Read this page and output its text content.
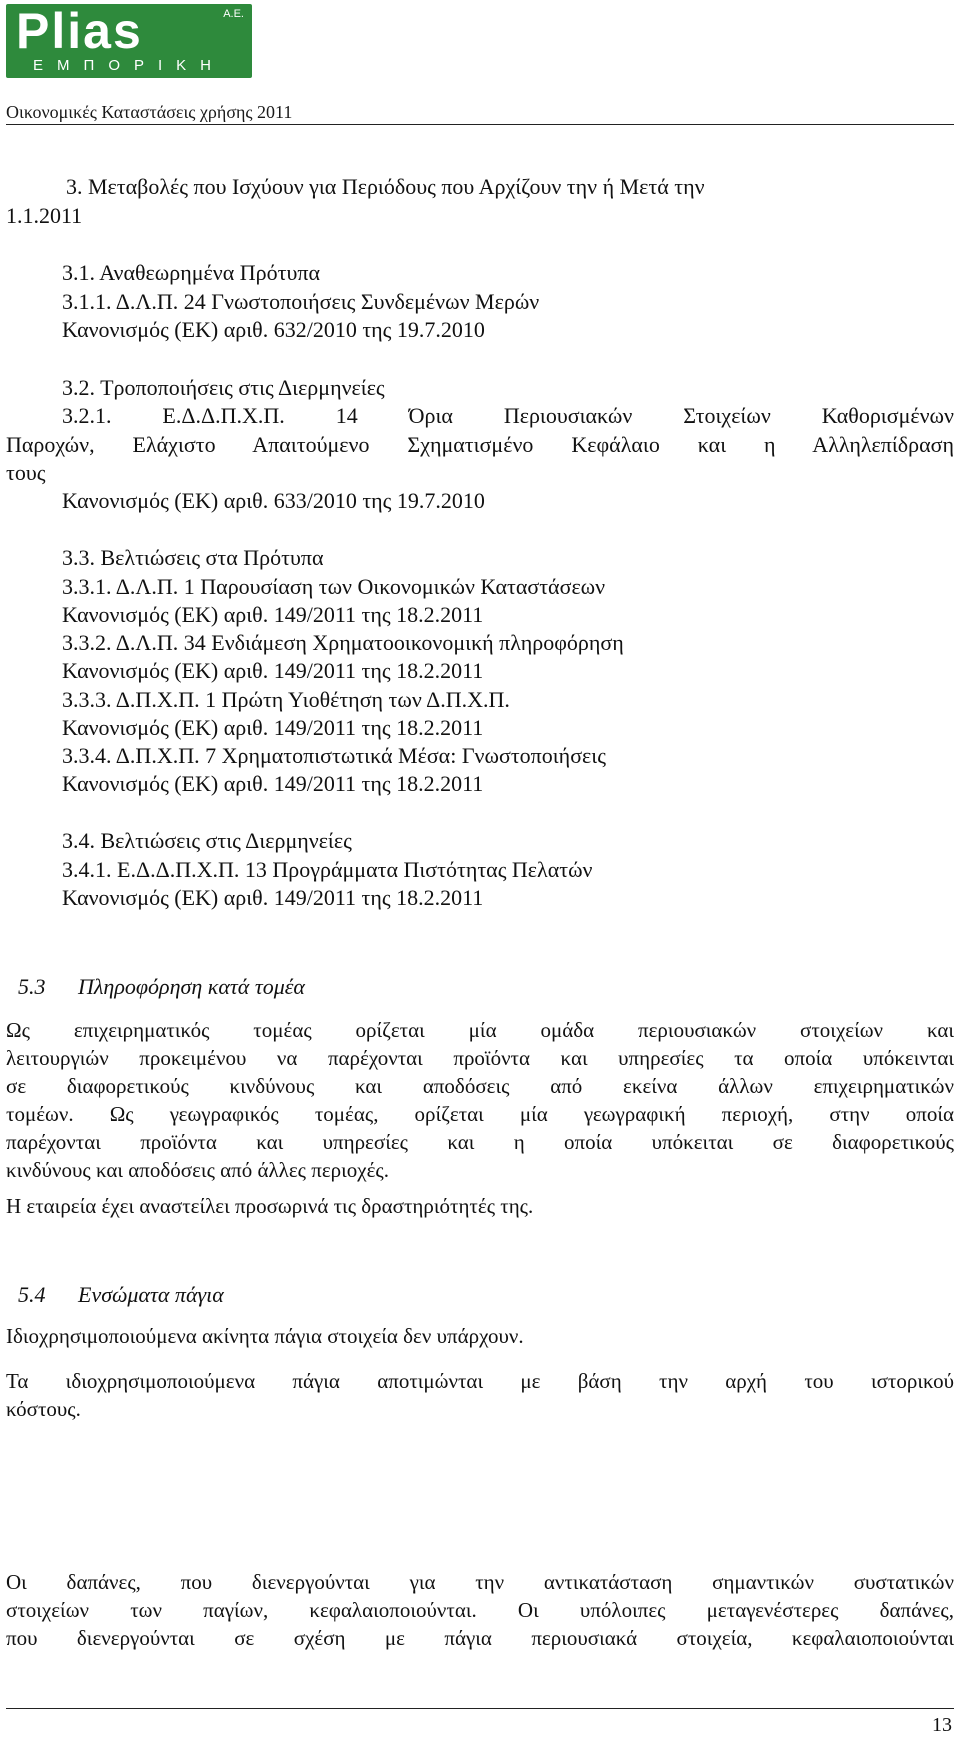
Plias	A.E.
ΕΜΠΟΡΙΚΗ
Οικονομικές Καταστάσεις χρήσης 2011
3. Μεταβολές που Ισχύουν για Περιόδους που Αρχίζουν την ή Μετά την
1.1.2011
3.1. Αναθεωρημένα Πρότυπα
3.1.1. Δ.Λ.Π. 24 Γνωστοποιήσεις Συνδεμένων Μερών
Κανονισμός (ΕΚ) αριθ. 632/2010 της 19.7.2010
3.2. Τροποποιήσεις στις Διερμηνείες
3.2.1. Ε.Δ.Δ.Π.Χ.Π. 14 Όρια Περιουσιακών Στοιχείων Καθορισμένων
Παροχών, Ελάχιστο Απαιτούμενο Σχηματισμένο Κεφάλαιο και η Αλληλεπίδραση
τους
Κανονισμός (ΕΚ) αριθ. 633/2010 της 19.7.2010
3.3. Βελτιώσεις στα Πρότυπα
3.3.1. Δ.Λ.Π. 1 Παρουσίαση των Οικονομικών Καταστάσεων
Κανονισμός (ΕΚ) αριθ. 149/2011 της 18.2.2011
3.3.2. Δ.Λ.Π. 34 Ενδιάμεση Χρηματοοικονομική πληροφόρηση
Κανονισμός (ΕΚ) αριθ. 149/2011 της 18.2.2011
3.3.3. Δ.Π.Χ.Π. 1 Πρώτη Υιοθέτηση των Δ.Π.Χ.Π.
Κανονισμός (ΕΚ) αριθ. 149/2011 της 18.2.2011
3.3.4. Δ.Π.Χ.Π. 7 Χρηματοπιστωτικά Μέσα: Γνωστοποιήσεις
Κανονισμός (ΕΚ) αριθ. 149/2011 της 18.2.2011
3.4. Βελτιώσεις στις Διερμηνείες
3.4.1. Ε.Δ.Δ.Π.Χ.Π. 13 Προγράμματα Πιστότητας Πελατών
Κανονισμός (ΕΚ) αριθ. 149/2011 της 18.2.2011
5.3 Πληροφόρηση κατά τομέα
Ως επιχειρηματικός τομέας ορίζεται μία ομάδα περιουσιακών στοιχείων και
λειτουργιών προκειμένου να παρέχονται προϊόντα και υπηρεσίες τα οποία υπόκεινται
σε διαφορετικούς κινδύνους και αποδόσεις από εκείνα άλλων επιχειρηματικών
τομέων. Ως γεωγραφικός τομέας, ορίζεται μία γεωγραφική περιοχή, στην οποία
παρέχονται προϊόντα και υπηρεσίες και η οποία υπόκειται σε διαφορετικούς
κινδύνους και αποδόσεις από άλλες περιοχές.
Η εταιρεία έχει αναστείλει προσωρινά τις δραστηριότητές της.
5.4 Ενσώματα πάγια
Ιδιοχρησιμοποιούμενα ακίνητα πάγια στοιχεία δεν υπάρχουν.
Τα ιδιοχρησιμοποιούμενα πάγια αποτιμώνται με βάση την αρχή του ιστορικού
κόστους.
Οι δαπάνες, που διενεργούνται για την αντικατάσταση σημαντικών συστατικών
στοιχείων των παγίων, κεφαλαιοποιούνται. Οι υπόλοιπες μεταγενέστερες δαπάνες,
που διενεργούνται σε σχέση με πάγια περιουσιακά στοιχεία, κεφαλαιοποιούνται
13
